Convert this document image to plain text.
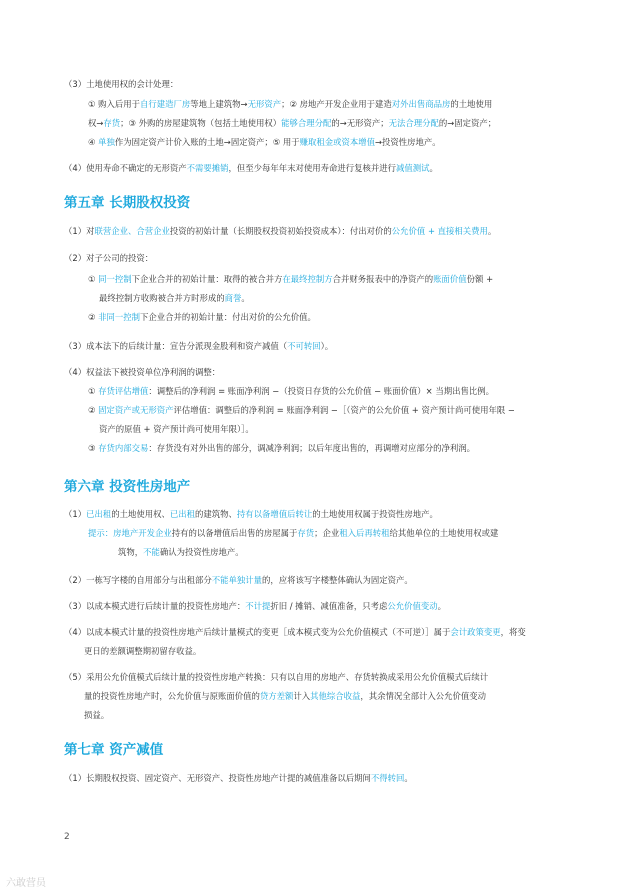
（3）土地使用权的会计处理：
① 购入后用于自行建造厂房等地上建筑物→无形资产；② 房地产开发企业用于建造对外出售商品房的土地使用
权→存货；③ 外购的房屋建筑物（包括土地使用权）能够合理分配的→无形资产；无法合理分配的→固定资产；
④ 单独作为固定资产计价入账的土地→固定资产；⑤ 用于赚取租金或资本增值→投资性房地产。
（4）使用寿命不确定的无形资产不需要摊销，但至少每年年末对使用寿命进行复核并进行减值测试。
（1）对联营企业、合营企业投资的初始计量（长期股权投资初始投资成本）：付出对价的公允价值 + 直接相关费用。
（2）对子公司的投资：
① 同一控制下企业合并的初始计量：取得的被合并方在最终控制方合并财务报表中的净资产的账面价值份额 +
最终控制方收购被合并方时形成的商誉。
② 非同一控制下企业合并的初始计量：付出对价的公允价值。
（3）成本法下的后续计量：宣告分派现金股利和资产减值（不可转回）。
（4）权益法下被投资单位净利润的调整：
① 存货评估增值：调整后的净利润 = 账面净利润 −（投资日存货的公允价值 − 账面价值）× 当期出售比例。
② 固定资产或无形资产评估增值：调整后的净利润 = 账面净利润 −［（资产的公允价值 + 资产预计尚可使用年限 −
资产的原值 + 资产预计尚可使用年限）］。
③ 存货内部交易：存货没有对外出售的部分，调减净利润；以后年度出售的，再调增对应部分的净利润。
（1）已出租的土地使用权、已出租的建筑物、持有以备增值后转让的土地使用权属于投资性房地产。
提示：房地产开发企业持有的以备增值后出售的房屋属于存货；企业租入后再转租给其他单位的土地使用权或建
筑物，不能确认为投资性房地产。
（2）一栋写字楼的自用部分与出租部分不能单独计量的，应将该写字楼整体确认为固定资产。
（3）以成本模式进行后续计量的投资性房地产：不计提折旧 / 摊销、减值准备，只考虑公允价值变动。
（4）以成本模式计量的投资性房地产后续计量模式的变更［成本模式变为公允价值模式（不可逆）］属于会计政策变更，将变
更日的差额调整期初留存收益。
（5）采用公允价值模式后续计量的投资性房地产转换：只有以自用的房地产、存货转换成采用公允价值模式后续计
量的投资性房地产时，公允价值与原账面价值的贷方差额计入其他综合收益，其余情况全部计入公允价值变动
损益。
（1）长期股权投资、固定资产、无形资产、投资性房地产计提的减值准备以后期间不得转回。
第五章 长期股权投资
第六章 投资性房地产
第七章 资产减值
2
六敢营员
